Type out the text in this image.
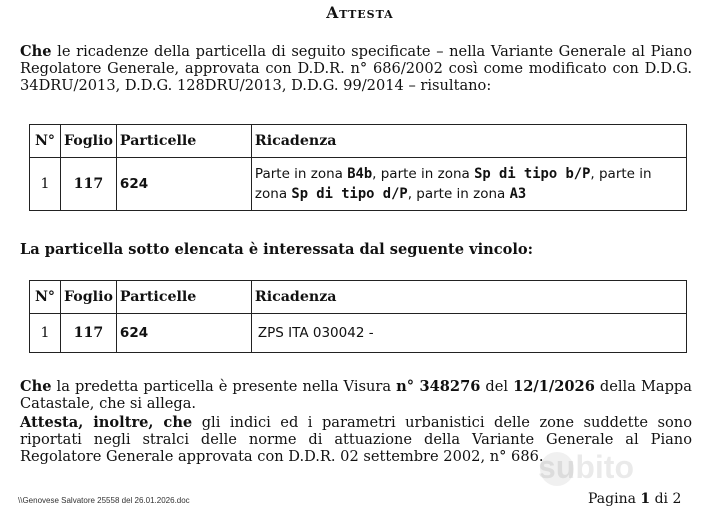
Attesta
Che le ricadenze della particella di seguito specificate – nella Variante Generale al Piano Regolatore Generale, approvata con D.D.R. n° 686/2002 così come modificato con D.D.G. 34DRU/2013, D.D.G. 128DRU/2013, D.D.G. 99/2014 – risultano:
N°	Foglio	Particelle	Ricadenza
1	117	624	Parte in zona B4b, parte in zona Sp di tipo b/P, parte in zona Sp di tipo d/P, parte in zona A3
La particella sotto elencata è interessata dal seguente vincolo:
N°	Foglio	Particelle	Ricadenza
1	117	624	ZPS ITA 030042 -
Che la predetta particella è presente nella Visura n° 348276 del 12/1/2026 della Mappa Catastale, che si allega.
Attesta, inoltre, che gli indici ed i parametri urbanistici delle zone suddette sono riportati negli stralci delle norme di attuazione della Variante Generale al Piano Regolatore Generale approvata con D.D.R. 02 settembre 2002, n° 686.
subito
\\Genovese Salvatore 25558 del 26.01.2026.doc	Pagina 1 di 2
